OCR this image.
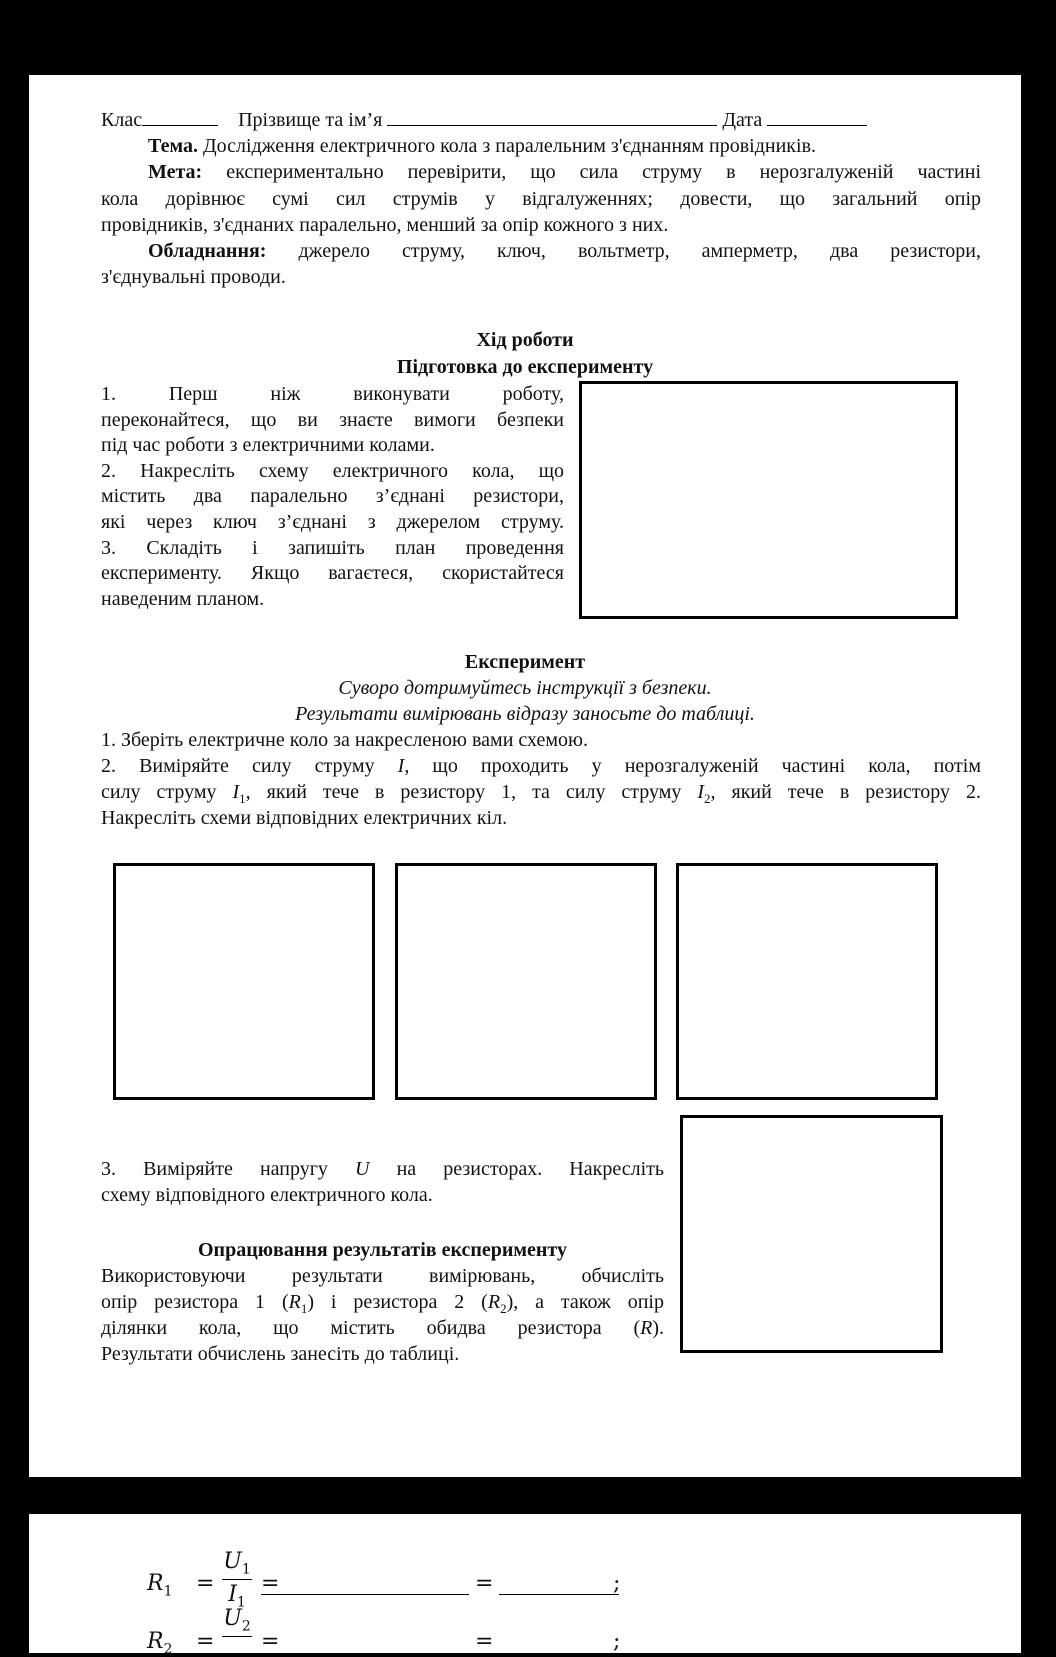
Клас	Прізвище та ім’я	Дата
Тема. Дослідження електричного кола з паралельним з'єднанням провідників.
Мета: експериментально перевірити, що сила струму в нерозгалуженій частині
кола дорівнює сумі сил струмів у відгалуженнях; довести, що загальний опір
провідників, з'єднаних паралельно, менший за опір кожного з них.
Обладнання: джерело струму, ключ, вольтметр, амперметр, два резистори,
з'єднувальні проводи.
Хід роботи
Підготовка до експерименту
Експеримент
Суворо дотримуйтесь інструкції з безпеки.
Результати вимірювань відразу заносьте до таблиці.
1. Зберіть електричне коло за накресленою вами схемою.
2. Виміряйте силу струму I, що проходить у нерозгалуженій частині кола, потім
силу струму $I_1$, який тече в резистору 1, та силу струму $I_2$, який тече в резистору 2.
Накресліть схеми відповідних електричних кіл.
3. Виміряйте напругу U на резисторах. Накресліть
схему відповідного електричного кола.
Опрацювання результатів експерименту
Використовуючи результати вимірювань, обчисліть
опір резистора 1 $(R_1)$ і резистора 2 $(R_2)$, а також опір
ділянки кола, що містить обидва резистора (R).
Результати обчислень занесіть до таблиці.
1. Перш ніж виконувати роботу,
переконайтеся, що ви знаєте вимоги безпеки
під час роботи з електричними колами.
2. Накресліть схему електричного кола, що
містить два паралельно з’єднані резистори,
які через ключ з’єднані з джерелом струму.
3. Складіть і запишіть план проведення
експерименту. Якщо вагаєтеся, скористайтеся
наведеним планом.
$R_1$ =
$U_1$
$I_1$
=	=	;
$R_2$ =
$U_2$
=	=	;
